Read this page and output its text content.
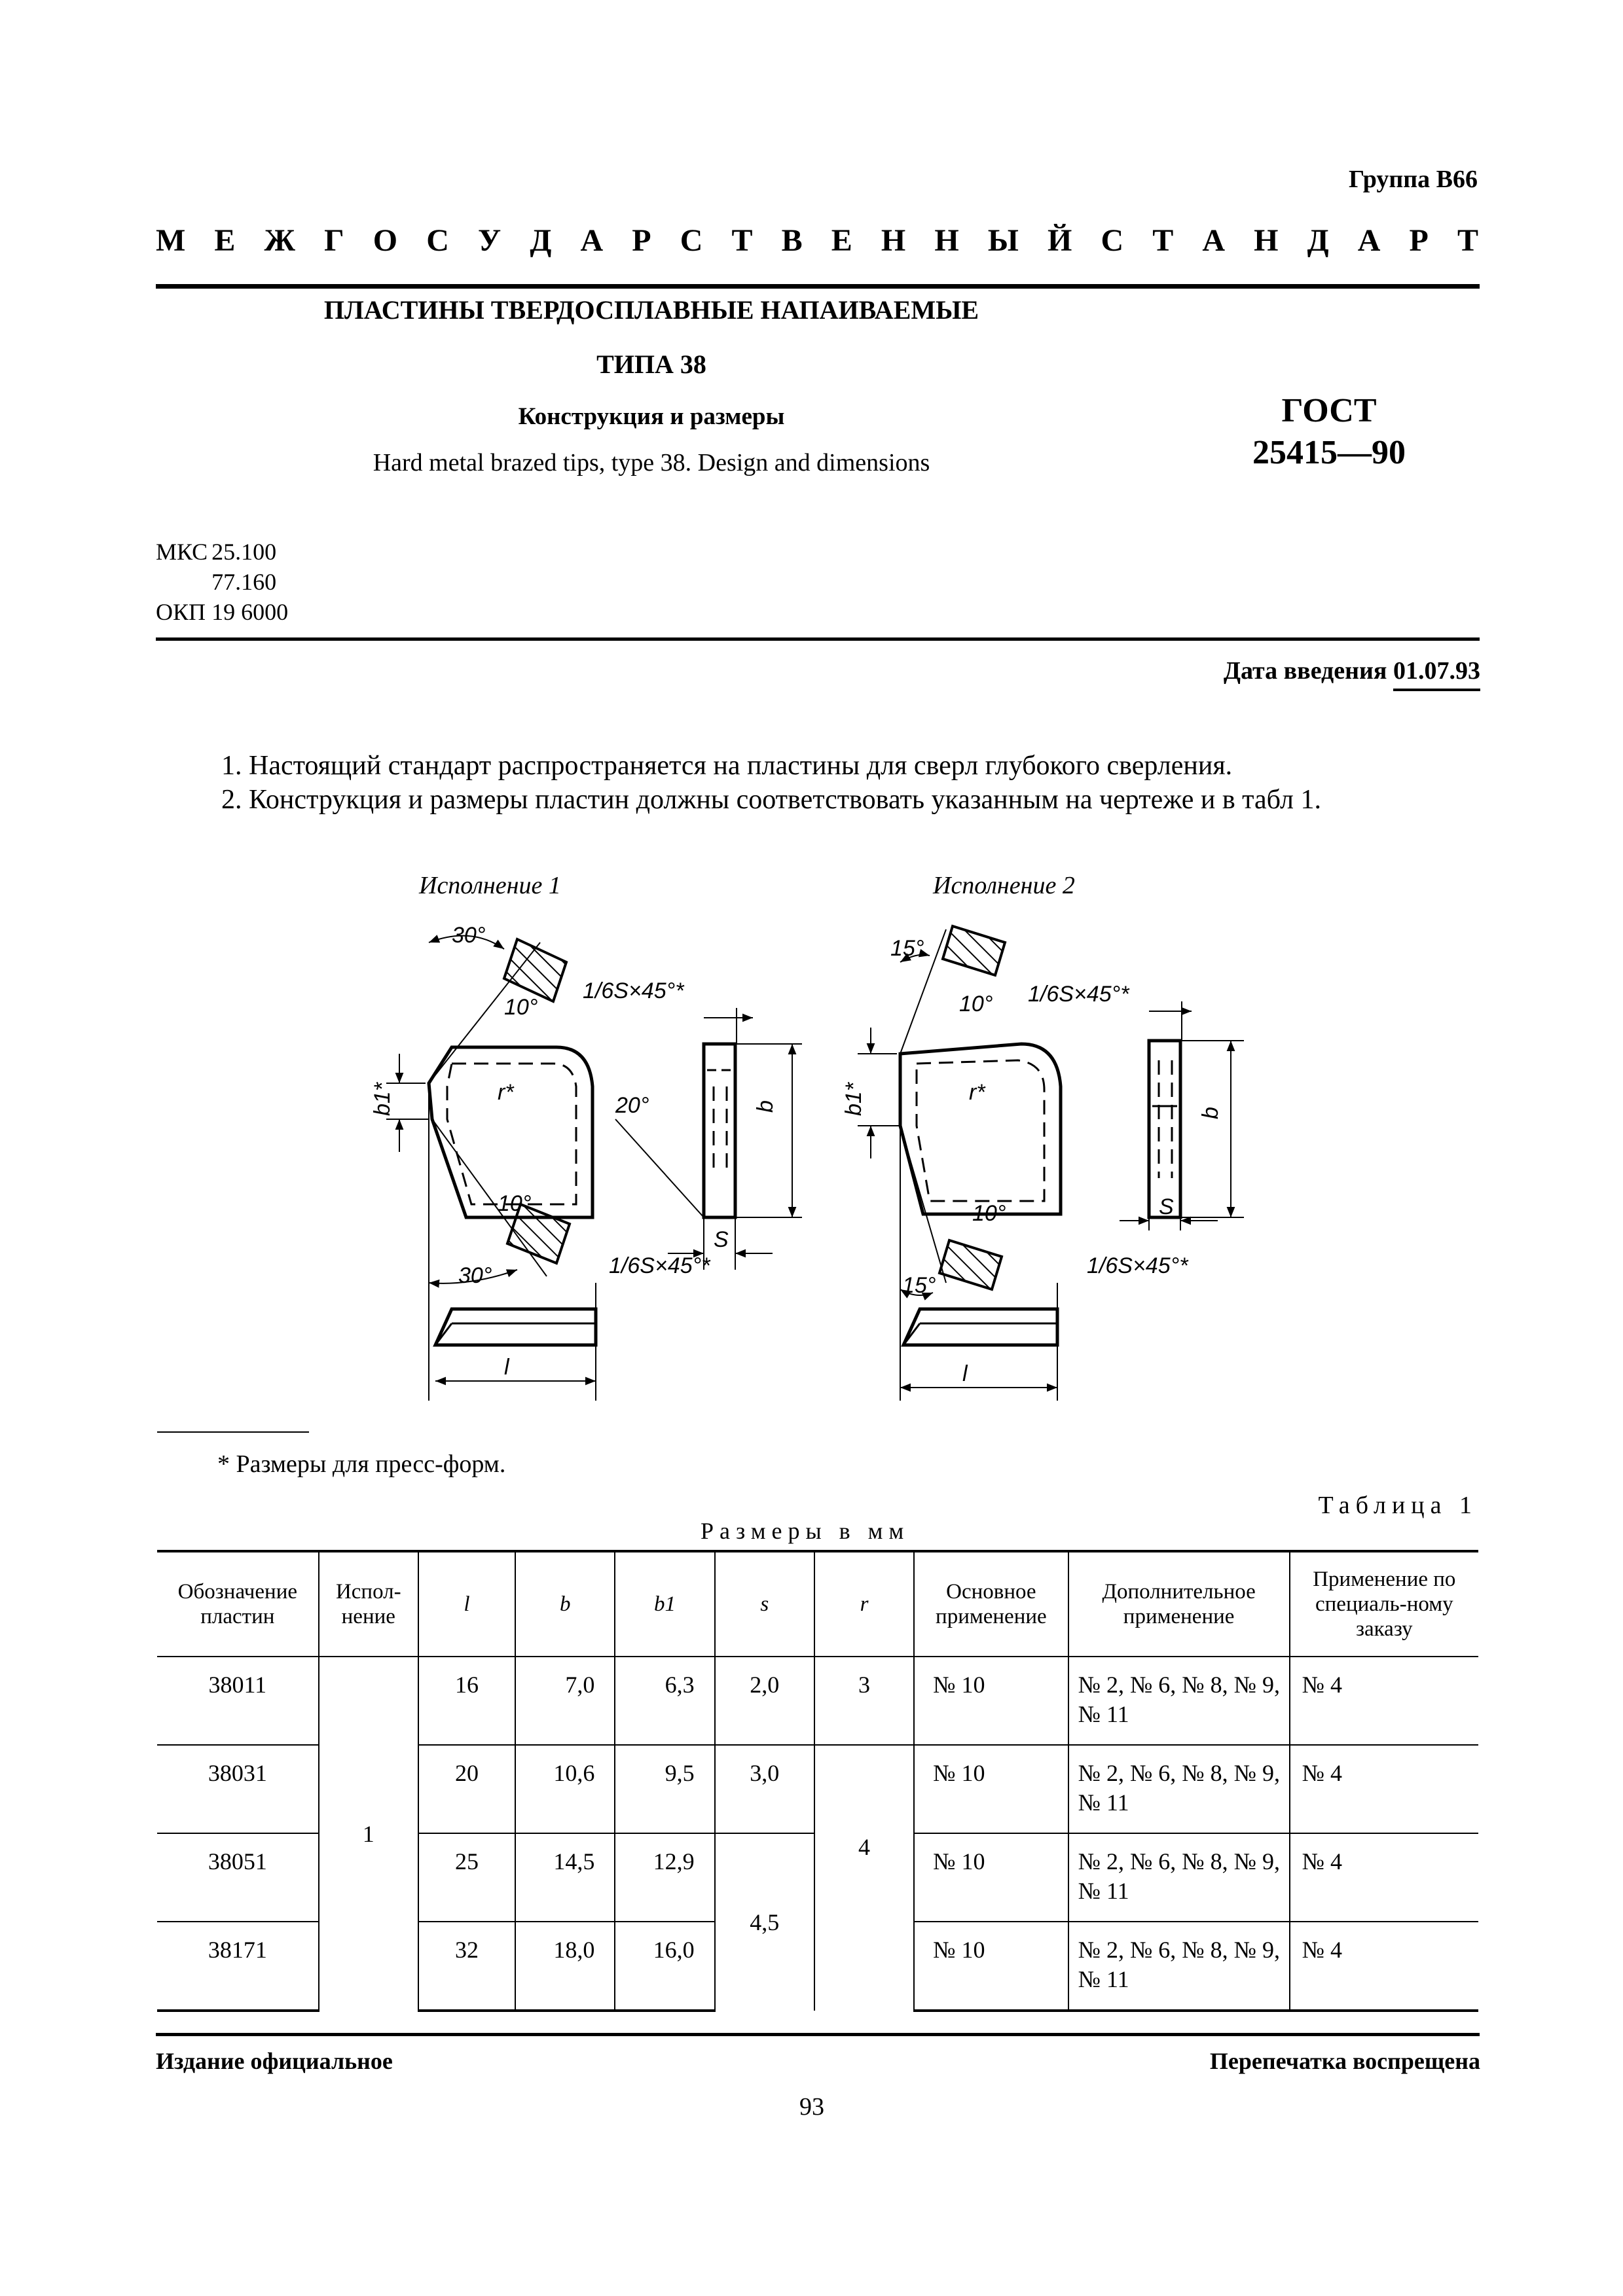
Группа В66
М Е Ж Г О С У Д А Р С Т В Е Н Н Ы Й С Т А Н Д А Р Т
ПЛАСТИНЫ ТВЕРДОСПЛАВНЫЕ НАПАИВАЕМЫЕ
ТИПА 38
Конструкция и размеры
Hard metal brazed tips, type 38. Design and dimensions
ГОСТ
25415—90
МКС	25.100
	77.160
ОКП	19 6000
Дата введения 01.07.93
1. Настоящий стандарт распространяется на пластины для сверл глубокого сверления.
2. Конструкция и размеры пластин должны соответствовать указанным на чертеже и в табл 1.
Исполнение 1
30°
10°
1/6S×45°*
r*
10°
30°	1/6S×45°*
b1*	b
S
20°
l
Исполнение 2
15°
10° 1/6S×45°*
r*
10°
15°
1/6S×45°*
b1*	b
S
l
* Размеры для пресс-форм.
Таблица 1
Размеры в мм
Обозначение пластин	Испол-нение	l	b	b1	s	r	Основное применение	Дополнительное применение	Применение по специаль-ному заказу
38011	1	16	7,0	6,3	2,0	3	№ 10	№ 2, № 6, № 8, № 9, № 11	№ 4
38031		20	10,6	9,5	3,0	4	№ 10	№ 2, № 6, № 8, № 9, № 11	№ 4
38051		25	14,5	12,9	4,5		№ 10	№ 2, № 6, № 8, № 9, № 11	№ 4
38171		32	18,0	16,0			№ 10	№ 2, № 6, № 8, № 9, № 11	№ 4
Издание официальное	Перепечатка воспрещена
93
